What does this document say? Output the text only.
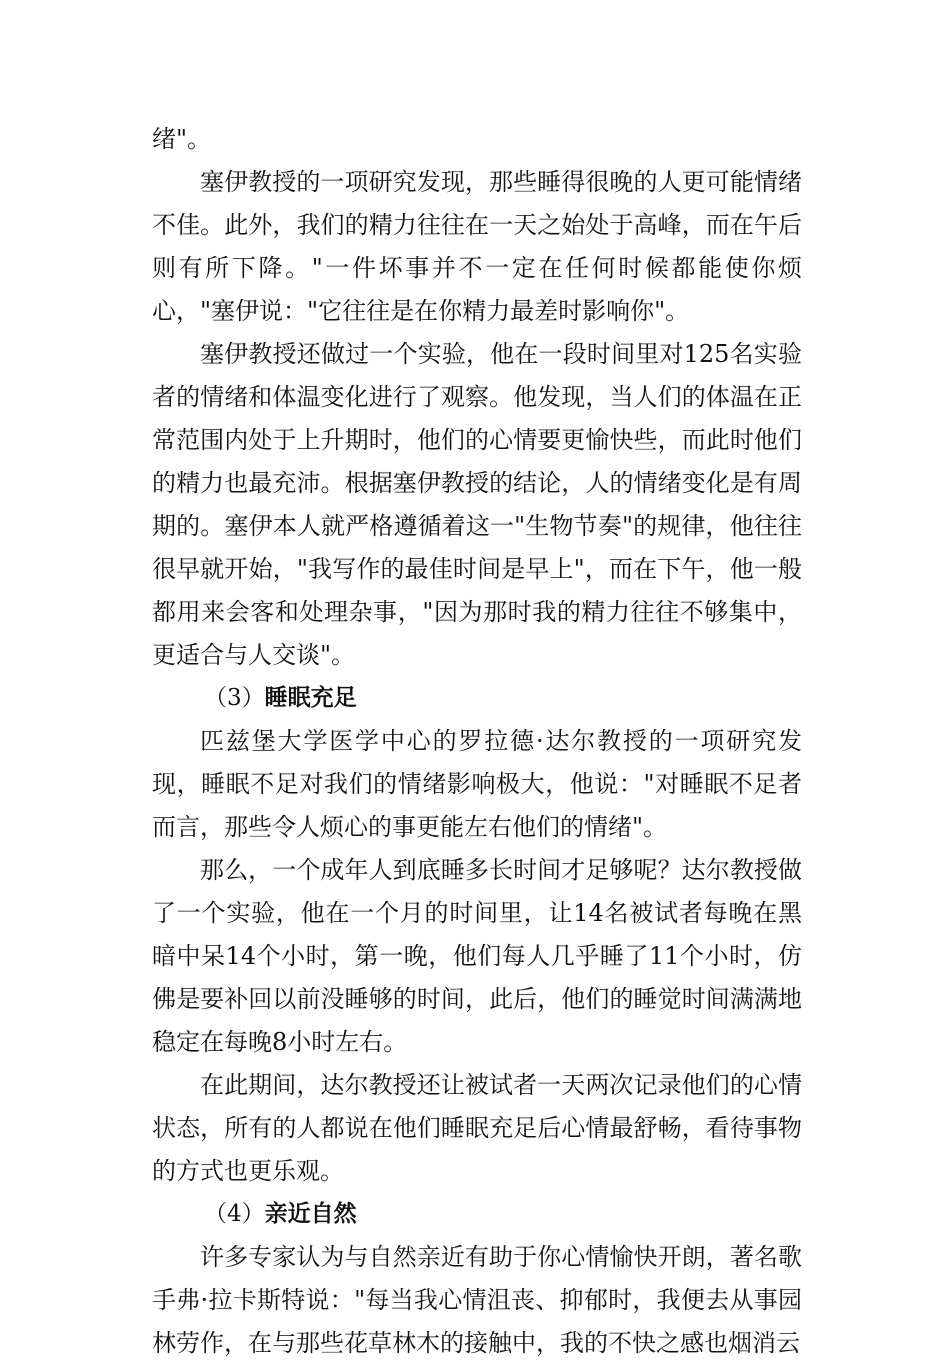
绪"。

塞伊教授的一项研究发现，那些睡得很晚的人更可能情绪不佳。此外，我们的精力往往在一天之始处于高峰，而在午后则有所下降。"一件坏事并不一定在任何时候都能使你烦心，"塞伊说："它往往是在你精力最差时影响你"。

塞伊教授还做过一个实验，他在一段时间里对125名实验者的情绪和体温变化进行了观察。他发现，当人们的体温在正常范围内处于上升期时，他们的心情要更愉快些，而此时他们的精力也最充沛。根据塞伊教授的结论，人的情绪变化是有周期的。塞伊本人就严格遵循着这一"生物节奏"的规律，他往往很早就开始，"我写作的最佳时间是早上"，而在下午，他一般都用来会客和处理杂事，"因为那时我的精力往往不够集中，更适合与人交谈"。

（3）睡眠充足

匹兹堡大学医学中心的罗拉德·达尔教授的一项研究发现，睡眠不足对我们的情绪影响极大，他说："对睡眠不足者而言，那些令人烦心的事更能左右他们的情绪"。

那么，一个成年人到底睡多长时间才足够呢？达尔教授做了一个实验，他在一个月的时间里，让14名被试者每晚在黑暗中呆14个小时，第一晚，他们每人几乎睡了11个小时，仿佛是要补回以前没睡够的时间，此后，他们的睡觉时间满满地稳定在每晚8小时左右。

在此期间，达尔教授还让被试者一天两次记录他们的心情状态，所有的人都说在他们睡眠充足后心情最舒畅，看待事物的方式也更乐观。

（4）亲近自然

许多专家认为与自然亲近有助于你心情愉快开朗，著名歌手弗·拉卡斯特说："每当我心情沮丧、抑郁时，我便去从事园林劳作，在与那些花草林木的接触中，我的不快之感也烟消云
